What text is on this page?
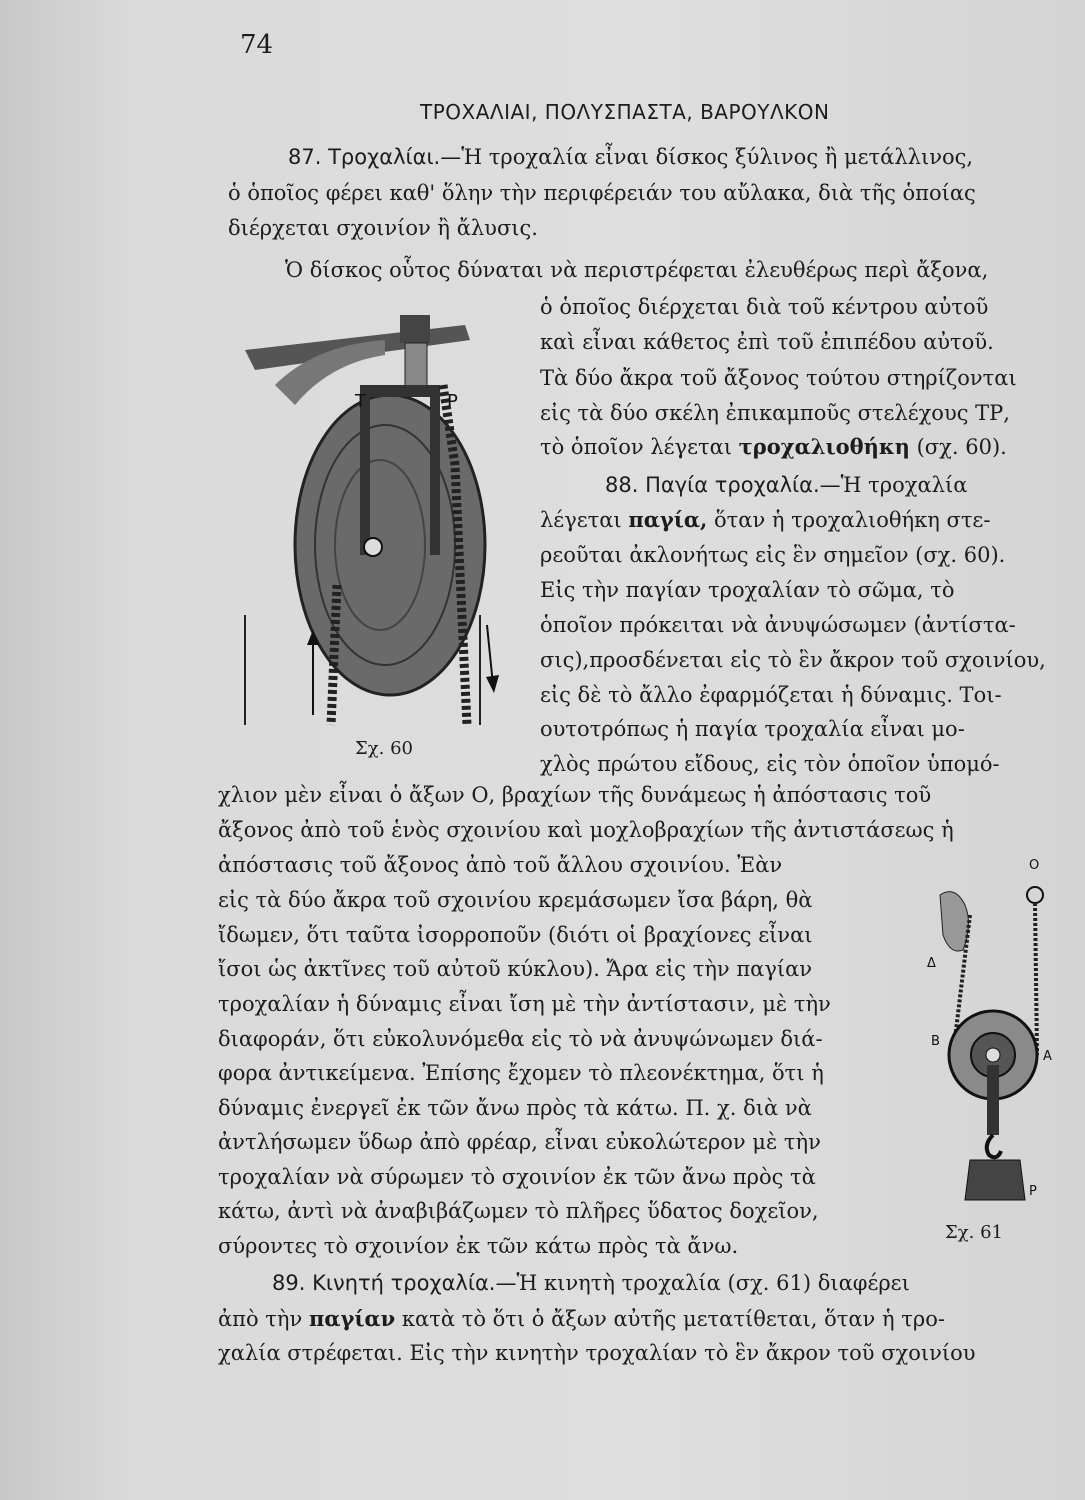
74
ΤΡΟΧΑΛΙΑΙ, ΠΟΛΥΣΠΑΣΤΑ, ΒΑΡΟΥΛΚΟΝ
87. Τροχαλίαι.—Ἡ τροχαλία εἶναι δίσκος ξύλινος ἢ μετάλλινος,
ὁ ὁποῖος φέρει καθ' ὅλην τὴν περιφέρειάν του αὔλακα, διὰ τῆς ὁποίας
διέρχεται σχοινίον ἢ ἄλυσις.
Ὁ δίσκος οὗτος δύναται νὰ περιστρέφεται ἐλευθέρως περὶ ἄξονα,
ὁ ὁποῖος διέρχεται διὰ τοῦ κέντρου αὐτοῦ
καὶ εἶναι κάθετος ἐπὶ τοῦ ἐπιπέδου αὐτοῦ.
Τὰ δύο ἄκρα τοῦ ἄξονος τούτου στηρίζονται
εἰς τὰ δύο σκέλη ἐπικαμποῦς στελέχους ΤΡ,
τὸ ὁποῖον λέγεται τροχαλιοθήκη (σχ. 60).
88. Παγία τροχαλία.—Ἡ τροχαλία
λέγεται παγία, ὅταν ἡ τροχαλιοθήκη στε-
ρεοῦται ἀκλονήτως εἰς ἓν σημεῖον (σχ. 60).
Εἰς τὴν παγίαν τροχαλίαν τὸ σῶμα, τὸ
ὁποῖον πρόκειται νὰ ἀνυψώσωμεν (ἀντίστα-
σις),προσδένεται εἰς τὸ ἓν ἄκρον τοῦ σχοινίου,
εἰς δὲ τὸ ἄλλο ἐφαρμόζεται ἡ δύναμις. Τοι-
ουτοτρόπως ἡ παγία τροχαλία εἶναι μο-
χλὸς πρώτου εἴδους, εἰς τὸν ὁποῖον ὑπομό-
χλιον μὲν εἶναι ὁ ἄξων Ο, βραχίων τῆς δυνάμεως ἡ ἀπόστασις τοῦ
ἄξονος ἀπὸ τοῦ ἑνὸς σχοινίου καὶ μοχλοβραχίων τῆς ἀντιστάσεως ἡ
ἀπόστασις τοῦ ἄξονος ἀπὸ τοῦ ἄλλου σχοινίου. Ἐὰν
εἰς τὰ δύο ἄκρα τοῦ σχοινίου κρεμάσωμεν ἴσα βάρη, θὰ
ἴδωμεν, ὅτι ταῦτα ἰσορροποῦν (διότι οἱ βραχίονες εἶναι
ἴσοι ὡς ἀκτῖνες τοῦ αὐτοῦ κύκλου). Ἄρα εἰς τὴν παγίαν
τροχαλίαν ἡ δύναμις εἶναι ἴση μὲ τὴν ἀντίστασιν, μὲ τὴν
διαφοράν, ὅτι εὐκολυνόμεθα εἰς τὸ νὰ ἀνυψώνωμεν διά-
φορα ἀντικείμενα. Ἐπίσης ἔχομεν τὸ πλεονέκτημα, ὅτι ἡ
δύναμις ἐνεργεῖ ἐκ τῶν ἄνω πρὸς τὰ κάτω. Π. χ. διὰ νὰ
ἀντλήσωμεν ὕδωρ ἀπὸ φρέαρ, εἶναι εὐκολώτερον μὲ τὴν
τροχαλίαν νὰ σύρωμεν τὸ σχοινίον ἐκ τῶν ἄνω πρὸς τὰ
κάτω, ἀντὶ νὰ ἀναβιβάζωμεν τὸ πλῆρες ὕδατος δοχεῖον,
σύροντες τὸ σχοινίον ἐκ τῶν κάτω πρὸς τὰ ἄνω.
89. Κινητή τροχαλία.—Ἡ κινητὴ τροχαλία (σχ. 61) διαφέρει
ἀπὸ τὴν παγίαν κατὰ τὸ ὅτι ὁ ἄξων αὐτῆς μετατίθεται, ὅταν ἡ τρο-
χαλία στρέφεται. Εἰς τὴν κινητὴν τροχαλίαν τὸ ἓν ἄκρον τοῦ σχοινίου
Τ	Ρ
Σχ. 60
Δ
Ο
Β
Α
Ρ
Σχ. 61
